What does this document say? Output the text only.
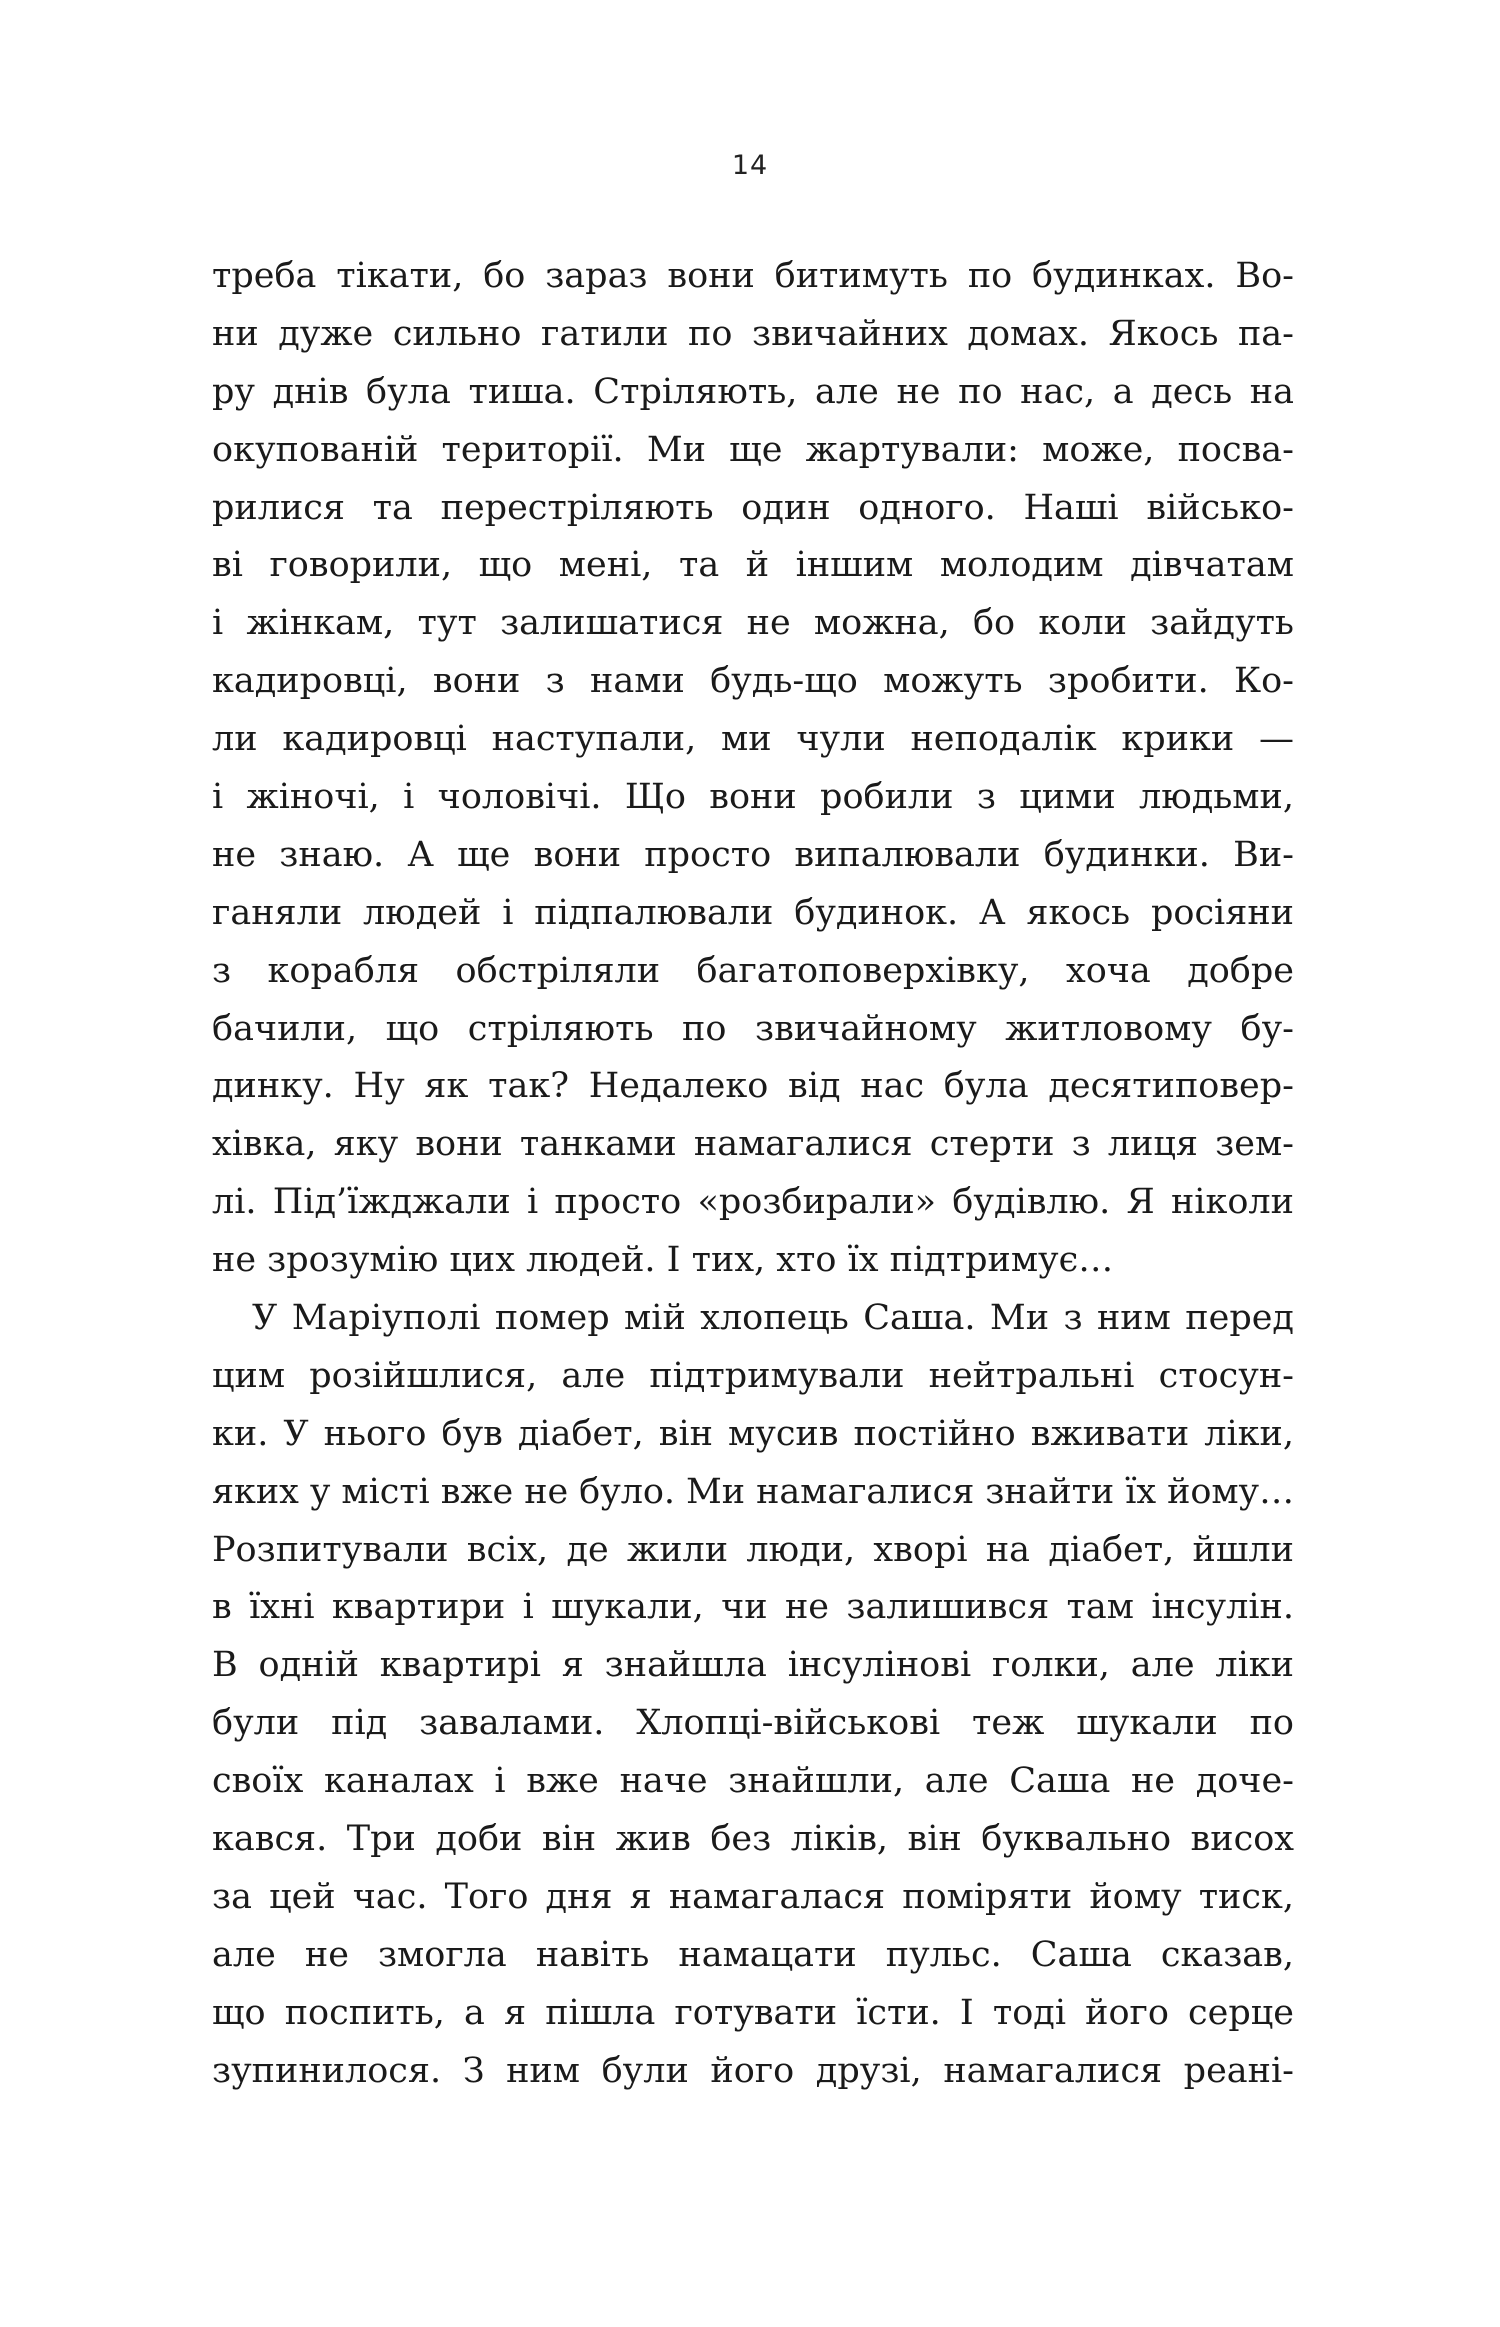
14
треба тікати, бо зараз вони битимуть по будинках. Во-
ни дуже сильно гатили по звичайних домах. Якось па-
ру днів була тиша. Стріляють, але не по нас, а десь на
окупованій території. Ми ще жартували: може, посва-
рилися та перестріляють один одного. Наші військо-
ві говорили, що мені, та й іншим молодим дівчатам
і жінкам, тут залишатися не можна, бо коли зайдуть
кадировці, вони з нами будь-що можуть зробити. Ко-
ли кадировці наступали, ми чули неподалік крики —
і жіночі, і чоловічі. Що вони робили з цими людьми,
не знаю. А ще вони просто випалювали будинки. Ви-
ганяли людей і підпалювали будинок. А якось росіяни
з корабля обстріляли багатоповерхівку, хоча добре
бачили, що стріляють по звичайному житловому бу-
динку. Ну як так? Недалеко від нас була десятиповер-
хівка, яку вони танками намагалися стерти з лиця зем-
лі. Під’їжджали і просто «розбирали» будівлю. Я ніколи
не зрозумію цих людей. І тих, хто їх підтримує…
У Маріуполі помер мій хлопець Саша. Ми з ним перед
цим розійшлися, але підтримували нейтральні стосун-
ки. У нього був діабет, він мусив постійно вживати ліки,
яких у місті вже не було. Ми намагалися знайти їх йому…
Розпитували всіх, де жили люди, хворі на діабет, йшли
в їхні квартири і шукали, чи не залишився там інсулін.
В одній квартирі я знайшла інсулінові голки, але ліки
були під завалами. Хлопці-військові теж шукали по
своїх каналах і вже наче знайшли, але Саша не доче-
кався. Три доби він жив без ліків, він буквально висох
за цей час. Того дня я намагалася поміряти йому тиск,
але не змогла навіть намацати пульс. Саша сказав,
що поспить, а я пішла готувати їсти. І тоді його серце
зупинилося. З ним були його друзі, намагалися реані-
